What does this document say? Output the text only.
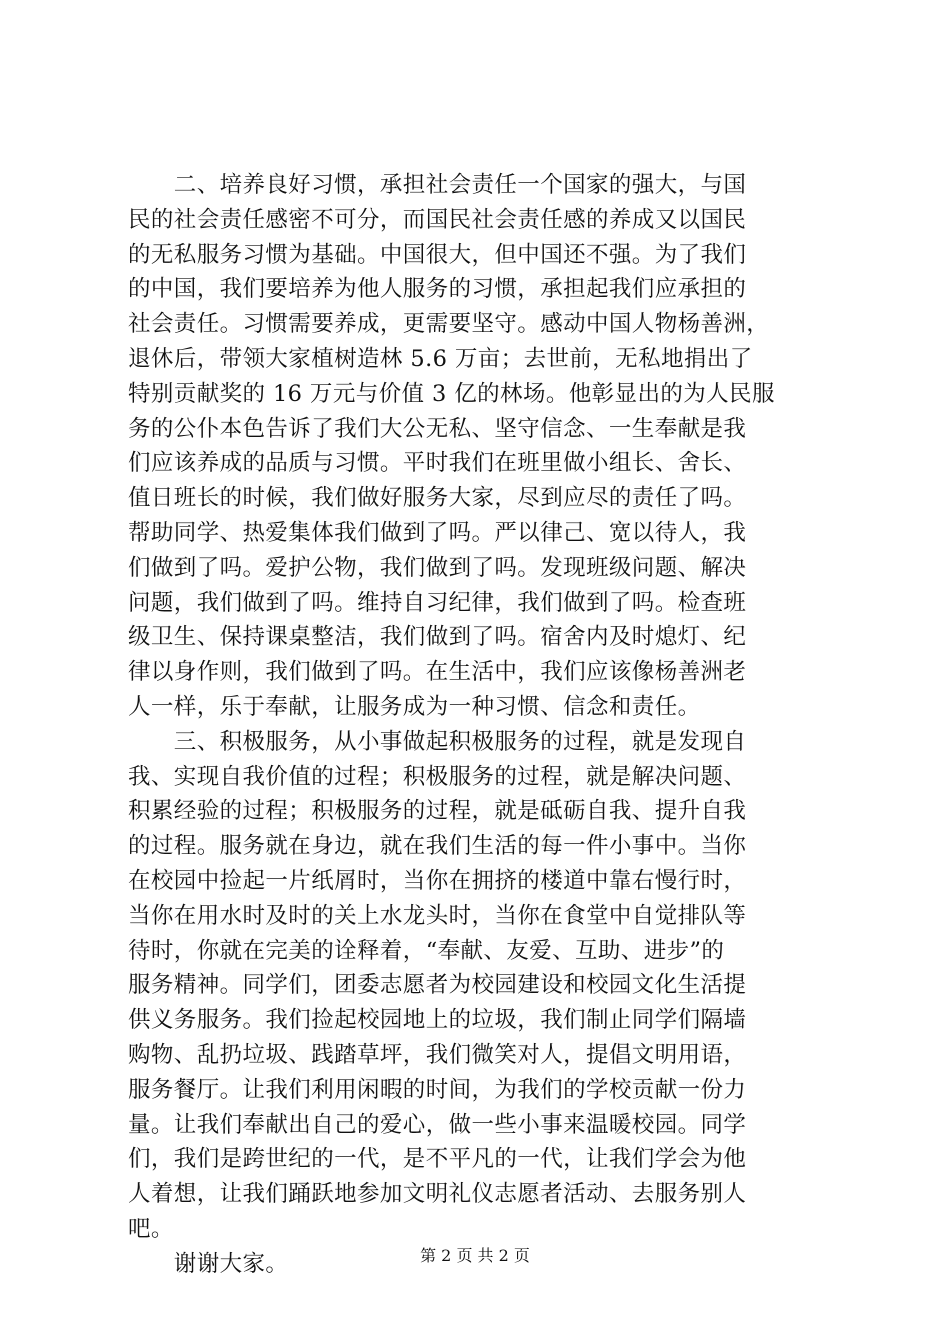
　　二、培养良好习惯，承担社会责任一个国家的强大，与国
民的社会责任感密不可分，而国民社会责任感的养成又以国民
的无私服务习惯为基础。中国很大，但中国还不强。为了我们
的中国，我们要培养为他人服务的习惯，承担起我们应承担的
社会责任。习惯需要养成，更需要坚守。感动中国人物杨善洲，
退休后，带领大家植树造林 5.6 万亩；去世前，无私地捐出了
特别贡献奖的 16 万元与价值 3 亿的林场。他彰显出的为人民服
务的公仆本色告诉了我们大公无私、坚守信念、一生奉献是我
们应该养成的品质与习惯。平时我们在班里做小组长、舍长、
值日班长的时候，我们做好服务大家，尽到应尽的责任了吗。
帮助同学、热爱集体我们做到了吗。严以律己、宽以待人，我
们做到了吗。爱护公物，我们做到了吗。发现班级问题、解决
问题，我们做到了吗。维持自习纪律，我们做到了吗。检查班
级卫生、保持课桌整洁，我们做到了吗。宿舍内及时熄灯、纪
律以身作则，我们做到了吗。在生活中，我们应该像杨善洲老
人一样，乐于奉献，让服务成为一种习惯、信念和责任。
　　三、积极服务，从小事做起积极服务的过程，就是发现自
我、实现自我价值的过程；积极服务的过程，就是解决问题、
积累经验的过程；积极服务的过程，就是砥砺自我、提升自我
的过程。服务就在身边，就在我们生活的每一件小事中。当你
在校园中捡起一片纸屑时，当你在拥挤的楼道中靠右慢行时，
当你在用水时及时的关上水龙头时，当你在食堂中自觉排队等
待时，你就在完美的诠释着，“奉献、友爱、互助、进步”的
服务精神。同学们，团委志愿者为校园建设和校园文化生活提
供义务服务。我们捡起校园地上的垃圾，我们制止同学们隔墙
购物、乱扔垃圾、践踏草坪，我们微笑对人，提倡文明用语，
服务餐厅。让我们利用闲暇的时间，为我们的学校贡献一份力
量。让我们奉献出自己的爱心，做一些小事来温暖校园。同学
们，我们是跨世纪的一代，是不平凡的一代，让我们学会为他
人着想，让我们踊跃地参加文明礼仪志愿者活动、去服务别人
吧。
　　谢谢大家。	第 2 页 共 2 页
